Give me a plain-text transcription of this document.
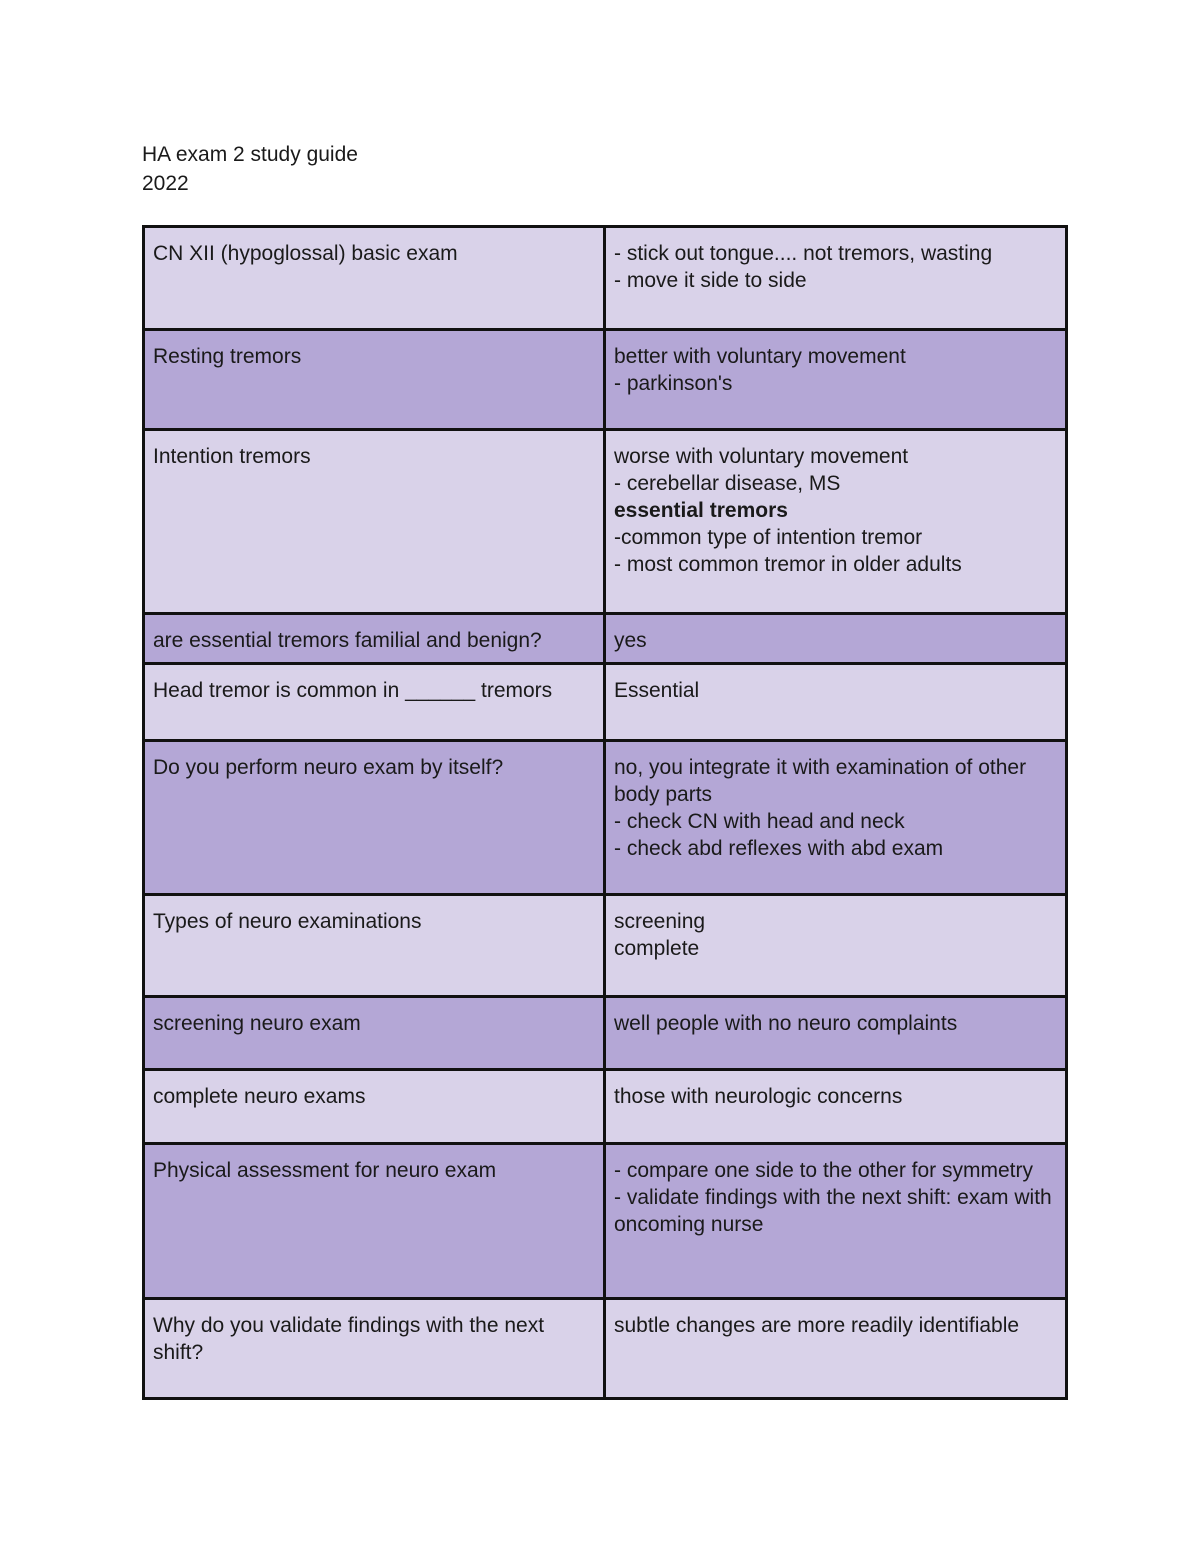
HA exam 2 study guide
2022
CN XII (hypoglossal) basic exam	- stick out tongue.... not tremors, wasting
- move it side to side

Resting tremors	better with voluntary movement
- parkinson's

Intention tremors	worse with voluntary movement
- cerebellar disease, MS
essential tremors
-common type of intention tremor
- most common tremor in older adults

are essential tremors familial and benign?	yes

Head tremor is common in ______ tremors	Essential

Do you perform neuro exam by itself?	no, you integrate it with examination of other body parts
- check CN with head and neck
- check abd reflexes with abd exam

Types of neuro examinations	screening
complete

screening neuro exam	well people with no neuro complaints

complete neuro exams	those with neurologic concerns

Physical assessment for neuro exam	- compare one side to the other for symmetry
- validate findings with the next shift: exam with oncoming nurse

Why do you validate findings with the next shift?	subtle changes are more readily identifiable
